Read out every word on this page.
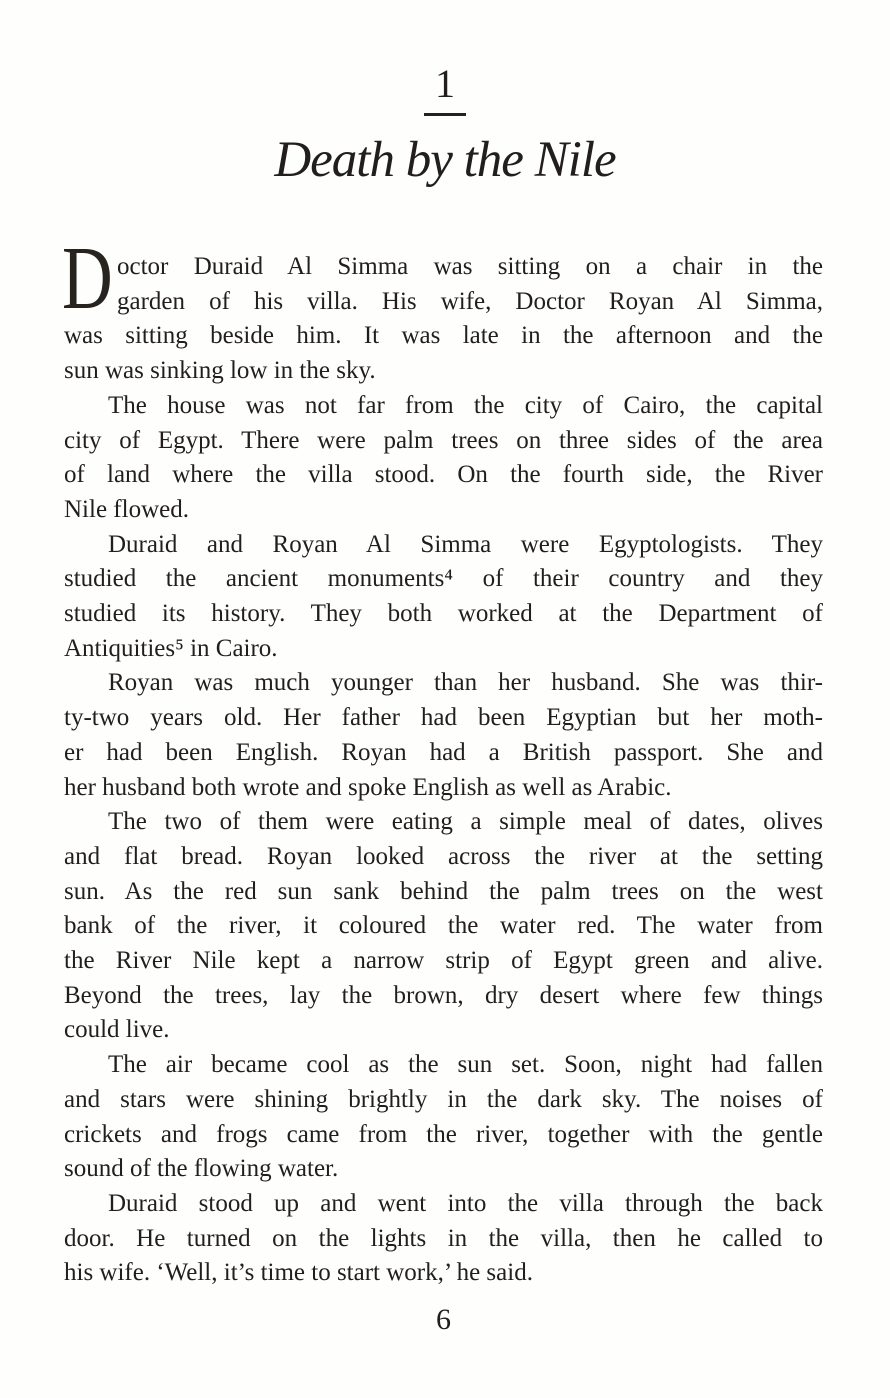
1
Death by the Nile
D octor Duraid Al Simma was sitting on a chair in the
garden of his villa. His wife, Doctor Royan Al Simma,
was sitting beside him. It was late in the afternoon and the
sun was sinking low in the sky.
The house was not far from the city of Cairo, the capital
city of Egypt. There were palm trees on three sides of the area
of land where the villa stood. On the fourth side, the River
Nile flowed.
Duraid and Royan Al Simma were Egyptologists. They
studied the ancient monuments⁴ of their country and they
studied its history. They both worked at the Department of
Antiquities⁵ in Cairo.
Royan was much younger than her husband. She was thir-
ty-two years old. Her father had been Egyptian but her moth-
er had been English. Royan had a British passport. She and
her husband both wrote and spoke English as well as Arabic.
The two of them were eating a simple meal of dates, olives
and flat bread. Royan looked across the river at the setting
sun. As the red sun sank behind the palm trees on the west
bank of the river, it coloured the water red. The water from
the River Nile kept a narrow strip of Egypt green and alive.
Beyond the trees, lay the brown, dry desert where few things
could live.
The air became cool as the sun set. Soon, night had fallen
and stars were shining brightly in the dark sky. The noises of
crickets and frogs came from the river, together with the gentle
sound of the flowing water.
Duraid stood up and went into the villa through the back
door. He turned on the lights in the villa, then he called to
his wife. ‘Well, it’s time to start work,’ he said.
6
